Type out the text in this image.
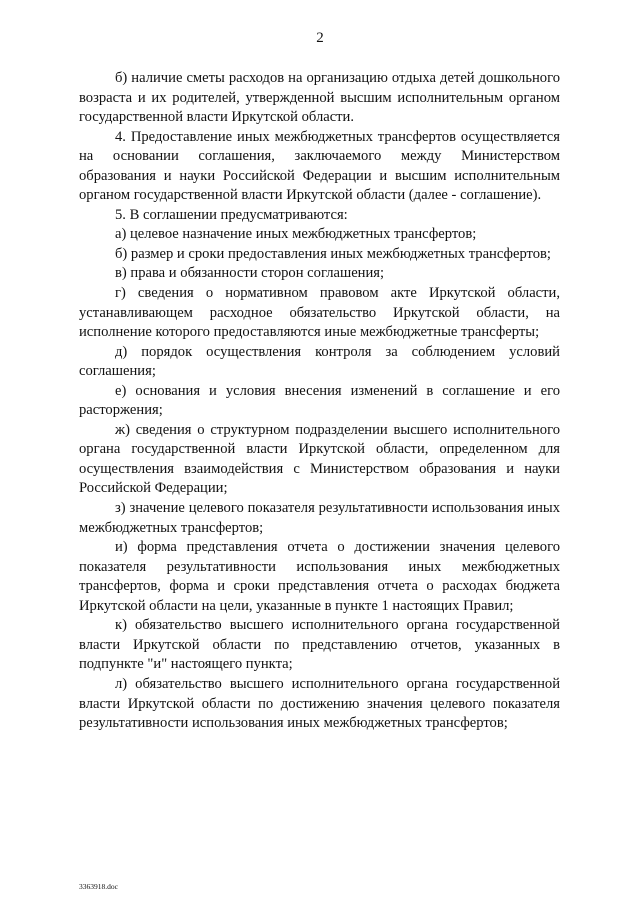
2

б) наличие сметы расходов на организацию отдыха детей дошкольного возраста и их родителей, утвержденной высшим исполнительным органом государственной власти Иркутской области.

4. Предоставление иных межбюджетных трансфертов осуществляется на основании соглашения, заключаемого между Министерством образования и науки Российской Федерации и высшим исполнительным органом государственной власти Иркутской области (далее - соглашение).

5. В соглашении предусматриваются:

а) целевое назначение иных межбюджетных трансфертов;

б) размер и сроки предоставления иных межбюджетных трансфертов;

в) права и обязанности сторон соглашения;

г) сведения о нормативном правовом акте Иркутской области, устанавливающем расходное обязательство Иркутской области, на исполнение которого предоставляются иные межбюджетные трансферты;

д) порядок осуществления контроля за соблюдением условий соглашения;

е) основания и условия внесения изменений в соглашение и его расторжения;

ж) сведения о структурном подразделении высшего исполнительного органа государственной власти Иркутской области, определенном для осуществления взаимодействия с Министерством образования и науки Российской Федерации;

з) значение целевого показателя результативности использования иных межбюджетных трансфертов;

и) форма представления отчета о достижении значения целевого показателя результативности использования иных межбюджетных трансфертов, форма и сроки представления отчета о расходах бюджета Иркутской области на цели, указанные в пункте 1 настоящих Правил;

к) обязательство высшего исполнительного органа государственной власти Иркутской области по представлению отчетов, указанных в подпункте "и" настоящего пункта;

л) обязательство высшего исполнительного органа государственной власти Иркутской области по достижению значения целевого показателя результативности использования иных межбюджетных трансфертов;

3363918.doc
